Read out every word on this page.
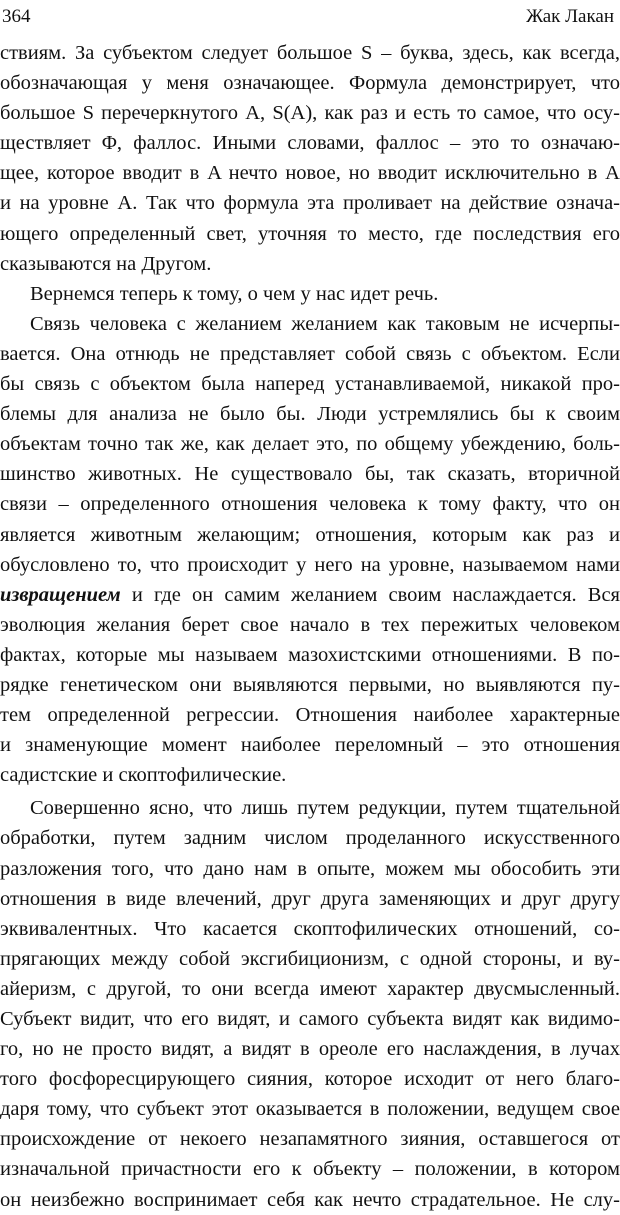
364	Жак Лакан
ствиям. За субъектом следует большое S – буква, здесь, как всегда,
обозначающая у меня означающее. Формула демонстрирует, что
большое S перечеркнутого A, S(A), как раз и есть то самое, что осу-
ществляет Φ, фаллос. Иными словами, фаллос – это то означаю-
щее, которое вводит в A нечто новое, но вводит исключительно в A
и на уровне A. Так что формула эта проливает на действие означа-
ющего определенный свет, уточняя то место, где последствия его
сказываются на Другом.
Вернемся теперь к тому, о чем у нас идет речь.
Связь человека с желанием желанием как таковым не исчерпы-
вается. Она отнюдь не представляет собой связь с объектом. Если
бы связь с объектом была наперед устанавливаемой, никакой про-
блемы для анализа не было бы. Люди устремлялись бы к своим
объектам точно так же, как делает это, по общему убеждению, боль-
шинство животных. Не существовало бы, так сказать, вторичной
связи – определенного отношения человека к тому факту, что он
является животным желающим; отношения, которым как раз и
обусловлено то, что происходит у него на уровне, называемом нами
извращением и где он самим желанием своим наслаждается. Вся
эволюция желания берет свое начало в тех пережитых человеком
фактах, которые мы называем мазохистскими отношениями. В по-
рядке генетическом они выявляются первыми, но выявляются пу-
тем определенной регрессии. Отношения наиболее характерные
и знаменующие момент наиболее переломный – это отношения
садистские и скоптофилические.
Совершенно ясно, что лишь путем редукции, путем тщательной
обработки, путем задним числом проделанного искусственного
разложения того, что дано нам в опыте, можем мы обособить эти
отношения в виде влечений, друг друга заменяющих и друг другу
эквивалентных. Что касается скоптофилических отношений, со-
прягающих между собой эксгибиционизм, с одной стороны, и ву-
айеризм, с другой, то они всегда имеют характер двусмысленный.
Субъект видит, что его видят, и самого субъекта видят как видимо-
го, но не просто видят, а видят в ореоле его наслаждения, в лучах
того фосфоресцирующего сияния, которое исходит от него благо-
даря тому, что субъект этот оказывается в положении, ведущем свое
происхождение от некоего незапамятного зияния, оставшегося от
изначальной причастности его к объекту – положении, в котором
он неизбежно воспринимает себя как нечто страдательное. Не слу-
